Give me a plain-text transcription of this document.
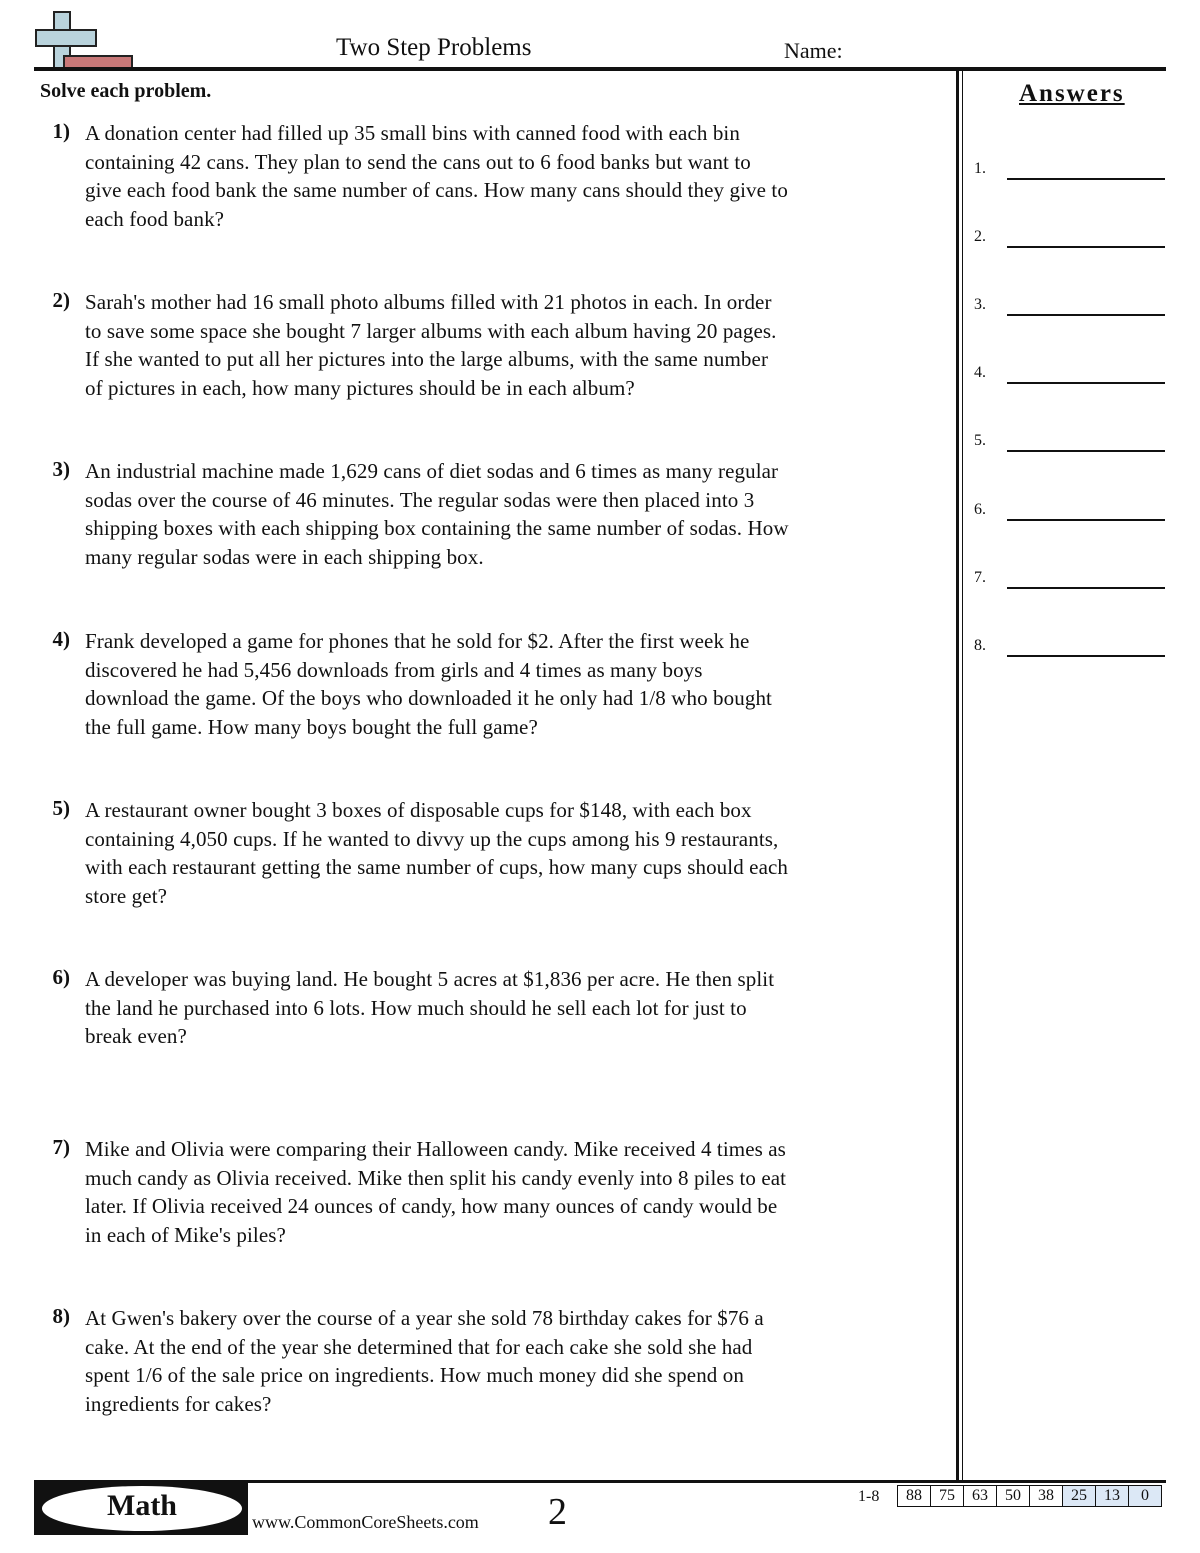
Two Step Problems	Name:
Solve each problem.
1) A donation center had filled up 35 small bins with canned food with each bin containing 42 cans. They plan to send the cans out to 6 food banks but want to give each food bank the same number of cans. How many cans should they give to each food bank?
2) Sarah's mother had 16 small photo albums filled with 21 photos in each. In order to save some space she bought 7 larger albums with each album having 20 pages. If she wanted to put all her pictures into the large albums, with the same number of pictures in each, how many pictures should be in each album?
3) An industrial machine made 1,629 cans of diet sodas and 6 times as many regular sodas over the course of 46 minutes. The regular sodas were then placed into 3 shipping boxes with each shipping box containing the same number of sodas. How many regular sodas were in each shipping box.
4) Frank developed a game for phones that he sold for $2. After the first week he discovered he had 5,456 downloads from girls and 4 times as many boys download the game. Of the boys who downloaded it he only had 1/8 who bought the full game. How many boys bought the full game?
5) A restaurant owner bought 3 boxes of disposable cups for $148, with each box containing 4,050 cups. If he wanted to divvy up the cups among his 9 restaurants, with each restaurant getting the same number of cups, how many cups should each store get?
6) A developer was buying land. He bought 5 acres at $1,836 per acre. He then split the land he purchased into 6 lots. How much should he sell each lot for just to break even?
7) Mike and Olivia were comparing their Halloween candy. Mike received 4 times as much candy as Olivia received. Mike then split his candy evenly into 8 piles to eat later. If Olivia received 24 ounces of candy, how many ounces of candy would be in each of Mike's piles?
8) At Gwen's bakery over the course of a year she sold 78 birthday cakes for $76 a cake. At the end of the year she determined that for each cake she sold she had spent 1/6 of the sale price on ingredients. How much money did she spend on ingredients for cakes?
Answers
1.
2.
3.
4.
5.
6.
7.
8.
Math	www.CommonCoreSheets.com 2	1-8	88	75	63	50	38	25	13	0
